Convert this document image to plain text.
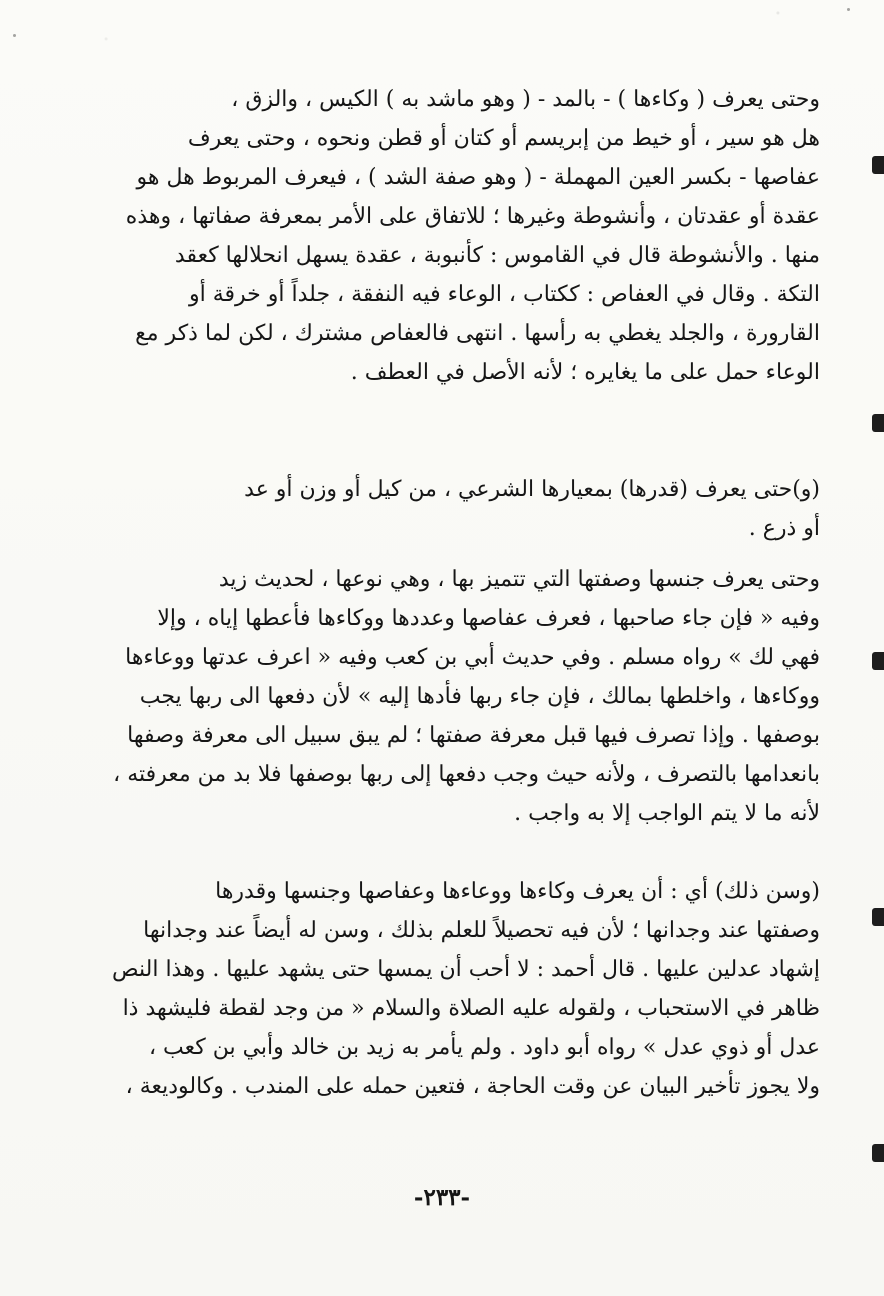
وحتى يعرف ( وكاءها ) - بالمد - ( وهو ماشد به ) الكيس ، والزق ،
هل هو سير ، أو خيط من إبريسم أو كتان أو قطن ونحوه ، وحتى يعرف
عفاصها - بكسر العين المهملة - ( وهو صفة الشد ) ، فيعرف المربوط هل هو
عقدة أو عقدتان ، وأنشوطة وغيرها ؛ للاتفاق على الأمر بمعرفة صفاتها ، وهذه
منها . والأنشوطة قال في القاموس : كأنبوبة ، عقدة يسهل انحلالها كعقد
التكة . وقال في العفاص : ككتاب ، الوعاء فيه النفقة ، جلداً أو خرقة أو
القارورة ، والجلد يغطي به رأسها . انتهى فالعفاص مشترك ، لكن لما ذكر مع
الوعاء حمل على ما يغايره ؛ لأنه الأصل في العطف .
(و)حتى يعرف (قدرها) بمعيارها الشرعي ، من كيل أو وزن أو عد
أو ذرع .
وحتى يعرف جنسها وصفتها التي تتميز بها ، وهي نوعها ، لحديث زيد
وفيه « فإن جاء صاحبها ، فعرف عفاصها وعددها ووكاءها فأعطها إياه ، وإلا
فهي لك » رواه مسلم . وفي حديث أبي بن كعب وفيه « اعرف عدتها ووعاءها
ووكاءها ، واخلطها بمالك ، فإن جاء ربها فأدها إليه » لأن دفعها الى ربها يجب
بوصفها . وإذا تصرف فيها قبل معرفة صفتها ؛ لم يبق سبيل الى معرفة وصفها
بانعدامها بالتصرف ، ولأنه حيث وجب دفعها إلى ربها بوصفها فلا بد من معرفته ،
لأنه ما لا يتم الواجب إلا به واجب .
(وسن ذلك) أي : أن يعرف وكاءها ووعاءها وعفاصها وجنسها وقدرها
وصفتها عند وجدانها ؛ لأن فيه تحصيلاً للعلم بذلك ، وسن له أيضاً عند وجدانها
إشهاد عدلين عليها . قال أحمد : لا أحب أن يمسها حتى يشهد عليها . وهذا النص
ظاهر في الاستحباب ، ولقوله عليه الصلاة والسلام « من وجد لقطة فليشهد ذا
عدل أو ذوي عدل » رواه أبو داود . ولم يأمر به زيد بن خالد وأبي بن كعب ،
ولا يجوز تأخير البيان عن وقت الحاجة ، فتعين حمله على المندب . وكالوديعة ،
-٢٣٣-
